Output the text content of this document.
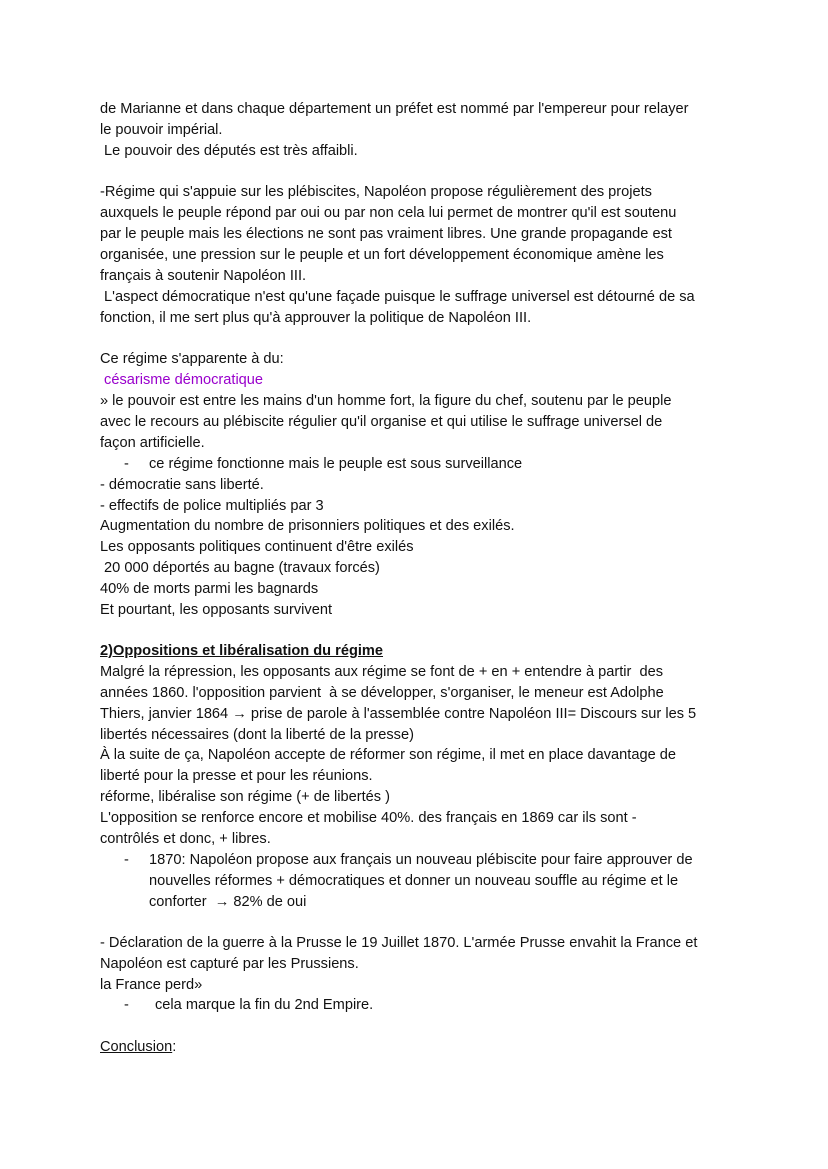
de Marianne et dans chaque département un préfet est nommé par l'empereur pour relayer
le pouvoir impérial.
Le pouvoir des députés est très affaibli.
-Régime qui s'appuie sur les plébiscites, Napoléon propose régulièrement des projets
auxquels le peuple répond par oui ou par non cela lui permet de montrer qu'il est soutenu
par le peuple mais les élections ne sont pas vraiment libres. Une grande propagande est
organisée, une pression sur le peuple et un fort développement économique amène les
français à soutenir Napoléon III.
L'aspect démocratique n'est qu'une façade puisque le suffrage universel est détourné de sa
fonction, il me sert plus qu'à approuver la politique de Napoléon III.
Ce régime s'apparente à du:
césarisme démocratique
» le pouvoir est entre les mains d'un homme fort, la figure du chef, soutenu par le peuple
avec le recours au plébiscite régulier qu'il organise et qui utilise le suffrage universel de
façon artificielle.
- ce régime fonctionne mais le peuple est sous surveillance
- démocratie sans liberté.
- effectifs de police multipliés par 3
Augmentation du nombre de prisonniers politiques et des exilés.
Les opposants politiques continuent d'être exilés
20 000 déportés au bagne (travaux forcés)
40% de morts parmi les bagnards
Et pourtant, les opposants survivent
2)Oppositions et libéralisation du régime
Malgré la répression, les opposants aux régime se font de + en + entendre à partir  des
années 1860. l'opposition parvient  à se développer, s'organiser, le meneur est Adolphe
Thiers, janvier 1864 → prise de parole à l'assemblée contre Napoléon III= Discours sur les 5
libertés nécessaires (dont la liberté de la presse)
À la suite de ça, Napoléon accepte de réformer son régime, il met en place davantage de
liberté pour la presse et pour les réunions.
réforme, libéralise son régime (+ de libertés )
L'opposition se renforce encore et mobilise 40%. des français en 1869 car ils sont -
contrôlés et donc, + libres.
- 1870: Napoléon propose aux français un nouveau plébiscite pour faire approuver de
nouvelles réformes + démocratiques et donner un nouveau souffle au régime et le
conforter  → 82% de oui
- Déclaration de la guerre à la Prusse le 19 Juillet 1870. L'armée Prusse envahit la France et
Napoléon est capturé par les Prussiens.
la France perd»
- cela marque la fin du 2nd Empire.
Conclusion:
